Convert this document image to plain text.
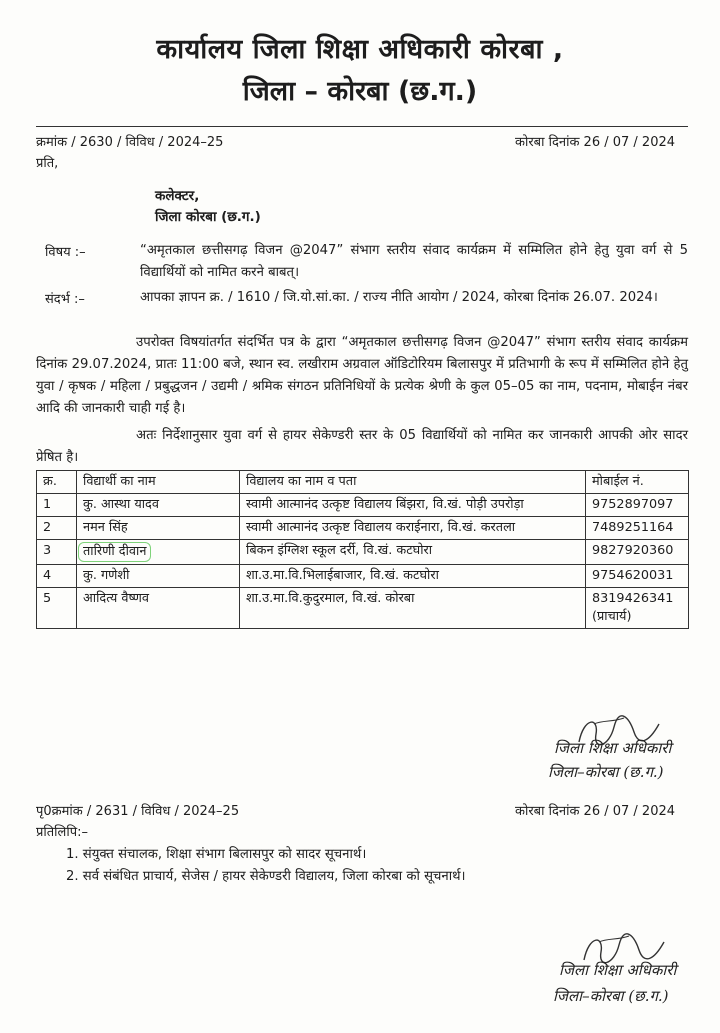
कार्यालय जिला शिक्षा अधिकारी कोरबा ,
जिला – कोरबा (छ.ग.)
क्रमांक / 2630 / विविध / 2024–25	कोरबा दिनांक 26 / 07 / 2024
प्रति,
कलेक्टर,
जिला कोरबा (छ.ग.)
विषय :–	“अमृतकाल छत्तीसगढ़ विजन @2047” संभाग स्तरीय संवाद कार्यक्रम में सम्मिलित होने हेतु युवा वर्ग से 5 विद्यार्थियों को नामित करने बाबत्।
संदर्भ :–	आपका ज्ञापन क्र. / 1610 / जि.यो.सां.का. / राज्य नीति आयोग / 2024, कोरबा दिनांक 26.07. 2024।
उपरोक्त विषयांतर्गत संदर्भित पत्र के द्वारा “अमृतकाल छत्तीसगढ़ विजन @2047” संभाग स्तरीय संवाद कार्यक्रम दिनांक 29.07.2024, प्रातः 11:00 बजे, स्थान स्व. लखीराम अग्रवाल ऑडिटोरियम बिलासपुर में प्रतिभागी के रूप में सम्मिलित होने हेतु युवा / कृषक / महिला / प्रबुद्धजन / उद्यमी / श्रमिक संगठन प्रतिनिधियों के प्रत्येक श्रेणी के कुल 05–05 का नाम, पदनाम, मोबाईन नंबर आदि की जानकारी चाही गई है।
अतः निर्देशानुसार युवा वर्ग से हायर सेकेण्डरी स्तर के 05 विद्यार्थियों को नामित कर जानकारी आपकी ओर सादर प्रेषित है।
क्र.	विद्यार्थी का नाम	विद्यालय का नाम व पता	मोबाईल नं.
1	कु. आस्था यादव	स्वामी आत्मानंद उत्कृष्ट विद्यालय बिंझरा, वि.खं. पोड़ी उपरोड़ा	9752897097
2	नमन सिंह	स्वामी आत्मानंद उत्कृष्ट विद्यालय कराईनारा, वि.खं. करतला	7489251164
3	तारिणी दीवान	बिकन इंग्लिश स्कूल दर्री, वि.खं. कटघोरा	9827920360
4	कु. गणेशी	शा.उ.मा.वि.भिलाईबाजार, वि.खं. कटघोरा	9754620031
5	आदित्य वैष्णव	शा.उ.मा.वि.कुदुरमाल, वि.खं. कोरबा	8319426341
(प्राचार्य)
जिला शिक्षा अधिकारी
जिला–कोरबा (छ.ग.)
पृ0क्रमांक / 2631 / विविध / 2024–25	कोरबा दिनांक 26 / 07 / 2024
प्रतिलिपि:–
1. संयुक्त संचालक, शिक्षा संभाग बिलासपुर को सादर सूचनार्थ।
2. सर्व संबंधित प्राचार्य, सेजेस / हायर सेकेण्डरी विद्यालय, जिला कोरबा को सूचनार्थ।
जिला शिक्षा अधिकारी
जिला–कोरबा (छ.ग.)
